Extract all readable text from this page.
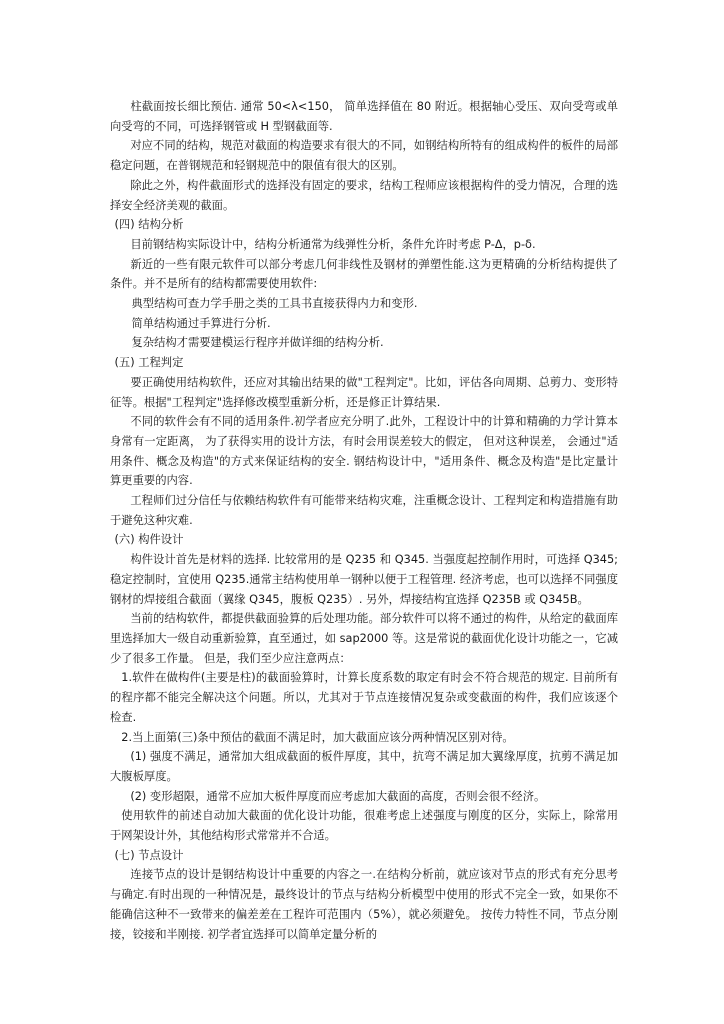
柱截面按长细比预估. 通常 50<λ<150， 简单选择值在 80 附近。根据轴心受压、双向受弯或单向受弯的不同，可选择钢管或 H 型钢截面等.

对应不同的结构，规范对截面的构造要求有很大的不同，如钢结构所特有的组成构件的板件的局部稳定问题，在普钢规范和轻钢规范中的限值有很大的区别。

除此之外，构件截面形式的选择没有固定的要求，结构工程师应该根据构件的受力情况，合理的选择安全经济美观的截面。

(四) 结构分析

目前钢结构实际设计中，结构分析通常为线弹性分析，条件允许时考虑 P-Δ，p-δ.

新近的一些有限元软件可以部分考虑几何非线性及钢材的弹塑性能.这为更精确的分析结构提供了条件。并不是所有的结构都需要使用软件:

典型结构可查力学手册之类的工具书直接获得内力和变形.

简单结构通过手算进行分析.

复杂结构才需要建模运行程序并做详细的结构分析.

(五) 工程判定

要正确使用结构软件，还应对其输出结果的做"工程判定"。比如，评估各向周期、总剪力、变形特征等。根据"工程判定"选择修改模型重新分析，还是修正计算结果.

不同的软件会有不同的适用条件.初学者应充分明了.此外，工程设计中的计算和精确的力学计算本身常有一定距离， 为了获得实用的设计方法，有时会用误差较大的假定， 但对这种误差， 会通过"适用条件、概念及构造"的方式来保证结构的安全. 钢结构设计中，"适用条件、概念及构造"是比定量计算更重要的内容.

工程师们过分信任与依赖结构软件有可能带来结构灾难，注重概念设计、工程判定和构造措施有助于避免这种灾难.

(六) 构件设计

构件设计首先是材料的选择. 比较常用的是 Q235 和 Q345. 当强度起控制作用时，可选择 Q345; 稳定控制时，宜使用 Q235.通常主结构使用单一钢种以便于工程管理. 经济考虑，也可以选择不同强度钢材的焊接组合截面（翼缘 Q345，腹板 Q235）. 另外，焊接结构宜选择 Q235B 或 Q345B。

当前的结构软件，都提供截面验算的后处理功能。部分软件可以将不通过的构件，从给定的截面库里选择加大一级自动重新验算，直至通过，如 sap2000 等。这是常说的截面优化设计功能之一，它减少了很多工作量。 但是，我们至少应注意两点：

1.软件在做构件(主要是柱)的截面验算时，计算长度系数的取定有时会不符合规范的规定. 目前所有的程序都不能完全解决这个问题。所以，尤其对于节点连接情况复杂或变截面的构件，我们应该逐个检查.

2.当上面第(三)条中预估的截面不满足时，加大截面应该分两种情况区别对待。

(1) 强度不满足，通常加大组成截面的板件厚度，其中，抗弯不满足加大翼缘厚度，抗剪不满足加大腹板厚度。

(2) 变形超限，通常不应加大板件厚度而应考虑加大截面的高度，否则会很不经济。

使用软件的前述自动加大截面的优化设计功能，很难考虑上述强度与刚度的区分，实际上，除常用于网架设计外，其他结构形式常常并不合适。

(七) 节点设计

连接节点的设计是钢结构设计中重要的内容之一.在结构分析前，就应该对节点的形式有充分思考与确定.有时出现的一种情况是，最终设计的节点与结构分析模型中使用的形式不完全一致，如果你不能确信这种不一致带来的偏差差在工程许可范围内（5%），就必须避免。 按传力特性不同，节点分刚接，铰接和半刚接. 初学者宜选择可以简单定量分析的
